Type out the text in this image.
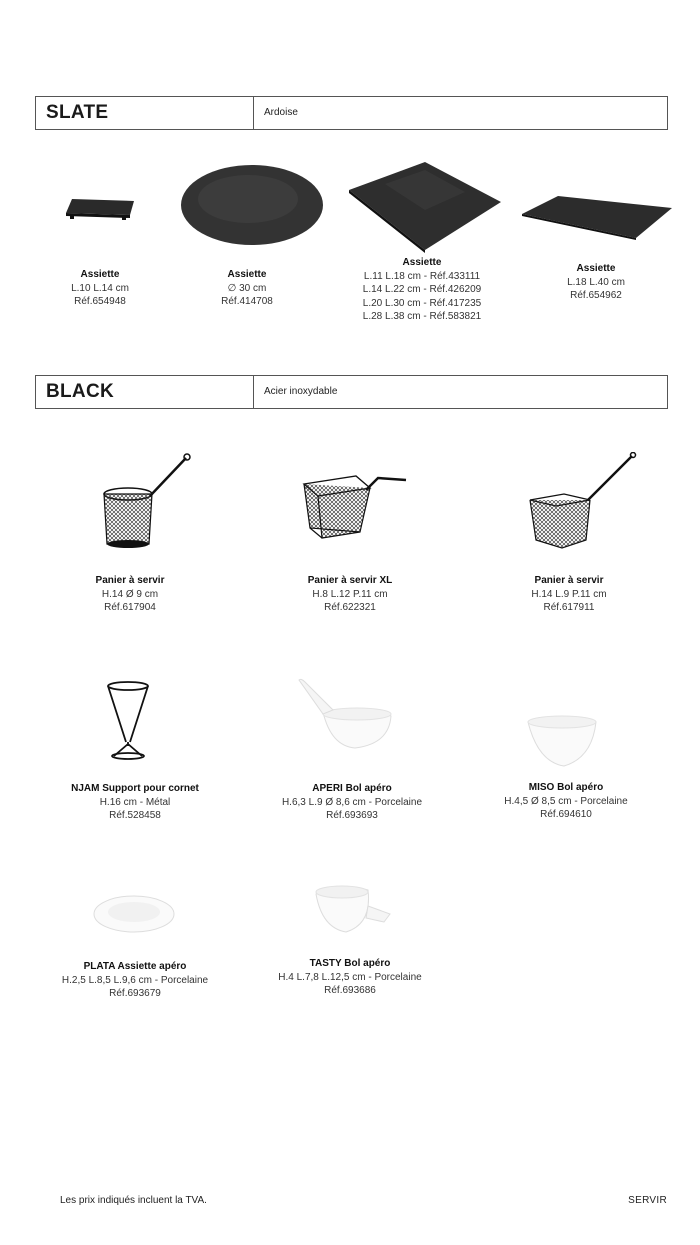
SLATE	Ardoise
Assiette
L.10 L.14 cm
Réf.654948
Assiette
∅ 30 cm
Réf.414708
Assiette
L.11 L.18 cm - Réf.433111
L.14 L.22 cm - Réf.426209
L.20 L.30 cm - Réf.417235
L.28 L.38 cm - Réf.583821
Assiette
L.18 L.40 cm
Réf.654962
BLACK	Acier inoxydable
Panier à servir
H.14 Ø 9 cm
Réf.617904
Panier à servir XL
H.8 L.12 P.11 cm
Réf.622321
Panier à servir
H.14 L.9 P.11 cm
Réf.617911
NJAM Support pour cornet
H.16 cm - Métal
Réf.528458
APERI Bol apéro
H.6,3 L.9 Ø 8,6 cm - Porcelaine
Réf.693693
MISO Bol apéro
H.4,5 Ø 8,5 cm - Porcelaine
Réf.694610
PLATA Assiette apéro
H.2,5 L.8,5 L.9,6 cm - Porcelaine
Réf.693679
TASTY Bol apéro
H.4 L.7,8 L.12,5 cm - Porcelaine
Réf.693686
Les prix indiqués incluent la TVA.	SERVIR
